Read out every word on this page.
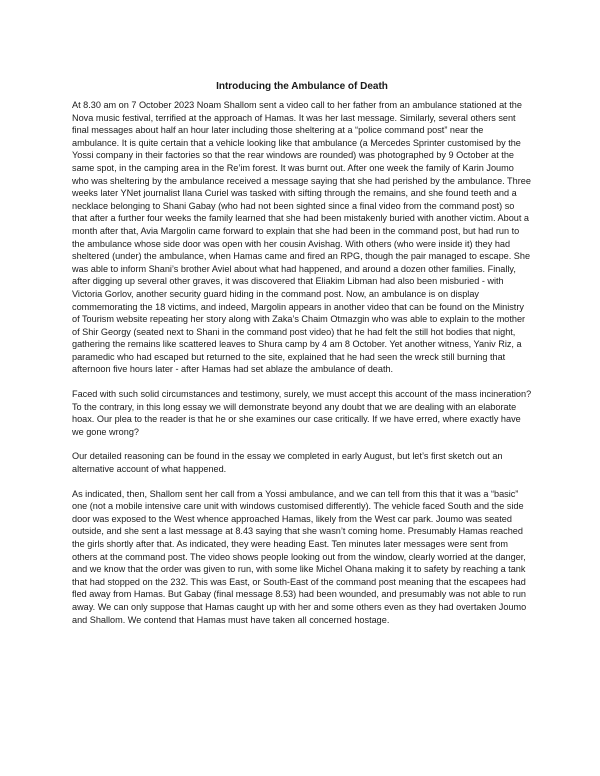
Introducing the Ambulance of Death

At 8.30 am on 7 October 2023 Noam Shallom sent a video call to her father from an ambulance stationed at the Nova music festival, terrified at the approach of Hamas. It was her last message. Similarly, several others sent final messages about half an hour later including those sheltering at a “police command post” near the ambulance. It is quite certain that a vehicle looking like that ambulance (a Mercedes Sprinter customised by the Yossi company in their factories so that the rear windows are rounded) was photographed by 9 October at the same spot, in the camping area in the Re’im forest. It was burnt out. After one week the family of Karin Joumo who was sheltering by the ambulance received a message saying that she had perished by the ambulance. Three weeks later YNet journalist Ilana Curiel was tasked with sifting through the remains, and she found teeth and a necklace belonging to Shani Gabay (who had not been sighted since a final video from the command post) so that after a further four weeks the family learned that she had been mistakenly buried with another victim. About a month after that, Avia Margolin came forward to explain that she had been in the command post, but had run to the ambulance whose side door was open with her cousin Avishag. With others (who were inside it) they had sheltered (under) the ambulance, when Hamas came and fired an RPG, though the pair managed to escape. She was able to inform Shani’s brother Aviel about what had happened, and around a dozen other families. Finally, after digging up several other graves, it was discovered that Eliakim Libman had also been misburied - with Victoria Gorlov, another security guard hiding in the command post. Now, an ambulance is on display commemorating the 18 victims, and indeed, Margolin appears in another video that can be found on the Ministry of Tourism website repeating her story along with Zaka’s Chaim Otmazgin who was able to explain to the mother of Shir Georgy (seated next to Shani in the command post video) that he had felt the still hot bodies that night, gathering the remains like scattered leaves to Shura camp by 4 am 8 October. Yet another witness, Yaniv Riz, a paramedic who had escaped but returned to the site, explained that he had seen the wreck still burning that afternoon five hours later - after Hamas had set ablaze the ambulance of death.

Faced with such solid circumstances and testimony, surely, we must accept this account of the mass incineration? To the contrary, in this long essay we will demonstrate beyond any doubt that we are dealing with an elaborate hoax. Our plea to the reader is that he or she examines our case critically. If we have erred, where exactly have we gone wrong?

Our detailed reasoning can be found in the essay we completed in early August, but let’s first sketch out an alternative account of what happened.

As indicated, then, Shallom sent her call from a Yossi ambulance, and we can tell from this that it was a “basic” one (not a mobile intensive care unit with windows customised differently). The vehicle faced South and the side door was exposed to the West whence approached Hamas, likely from the West car park. Joumo was seated outside, and she sent a last message at 8.43 saying that she wasn’t coming home. Presumably Hamas reached the girls shortly after that. As indicated, they were heading East. Ten minutes later messages were sent from others at the command post. The video shows people looking out from the window, clearly worried at the danger, and we know that the order was given to run, with some like Michel Ohana making it to safety by reaching a tank that had stopped on the 232. This was East, or South-East of the command post meaning that the escapees had fled away from Hamas. But Gabay (final message 8.53) had been wounded, and presumably was not able to run away. We can only suppose that Hamas caught up with her and some others even as they had overtaken Joumo and Shallom. We contend that Hamas must have taken all concerned hostage.
